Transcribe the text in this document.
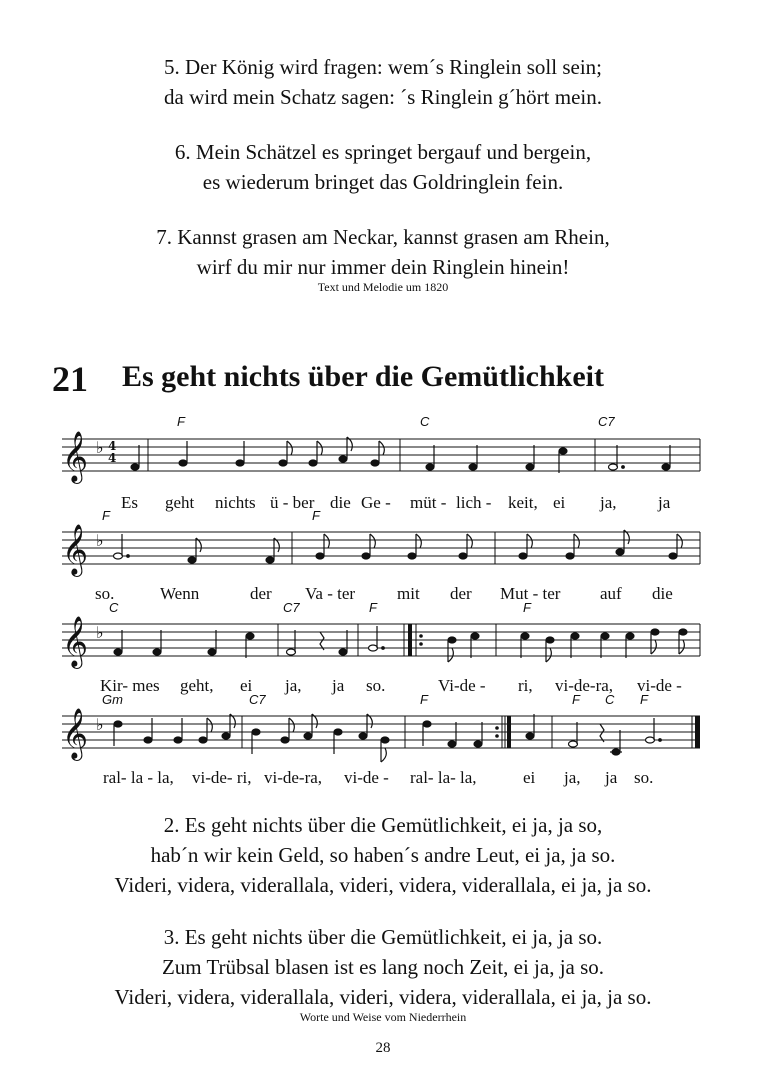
5. Der König wird fragen: wem´s Ringlein soll sein;
da wird mein Schatz sagen: ´s Ringlein g´hört mein.
6. Mein Schätzel es springet bergauf und bergein,
es wiederum bringet das Goldringlein fein.
7. Kannst grasen am Neckar, kannst grasen am Rhein,
wirf du mir nur immer dein Ringlein hinein!
Text und Melodie um 1820
21 Es geht nichts über die Gemütlichkeit
F	C	C7
𝄞 ♭ 4
4
Es geht nichts ü - ber die Ge - müt - lich - keit, ei ja, ja
F	F
𝄞 ♭
so.	Wenn	der Va - ter mit der Mut - ter auf die
C	C7	F	F
𝄞 ♭
Kir- mes geht, ei ja, ja so.	Vi-de - ri, vi-de-ra, vi-de -
Gm	C7	F	F C F
𝄞 ♭
ral- la - la, vi-de- ri, vi-de-ra, vi-de - ral- la- la,	ei ja, ja so.
2. Es geht nichts über die Gemütlichkeit, ei ja, ja so,
hab´n wir kein Geld, so haben´s andre Leut, ei ja, ja so.
Videri, videra, viderallala, videri, videra, viderallala, ei ja, ja so.
3. Es geht nichts über die Gemütlichkeit, ei ja, ja so.
Zum Trübsal blasen ist es lang noch Zeit, ei ja, ja so.
Videri, videra, viderallala, videri, videra, viderallala, ei ja, ja so.
Worte und Weise vom Niederrhein
28
